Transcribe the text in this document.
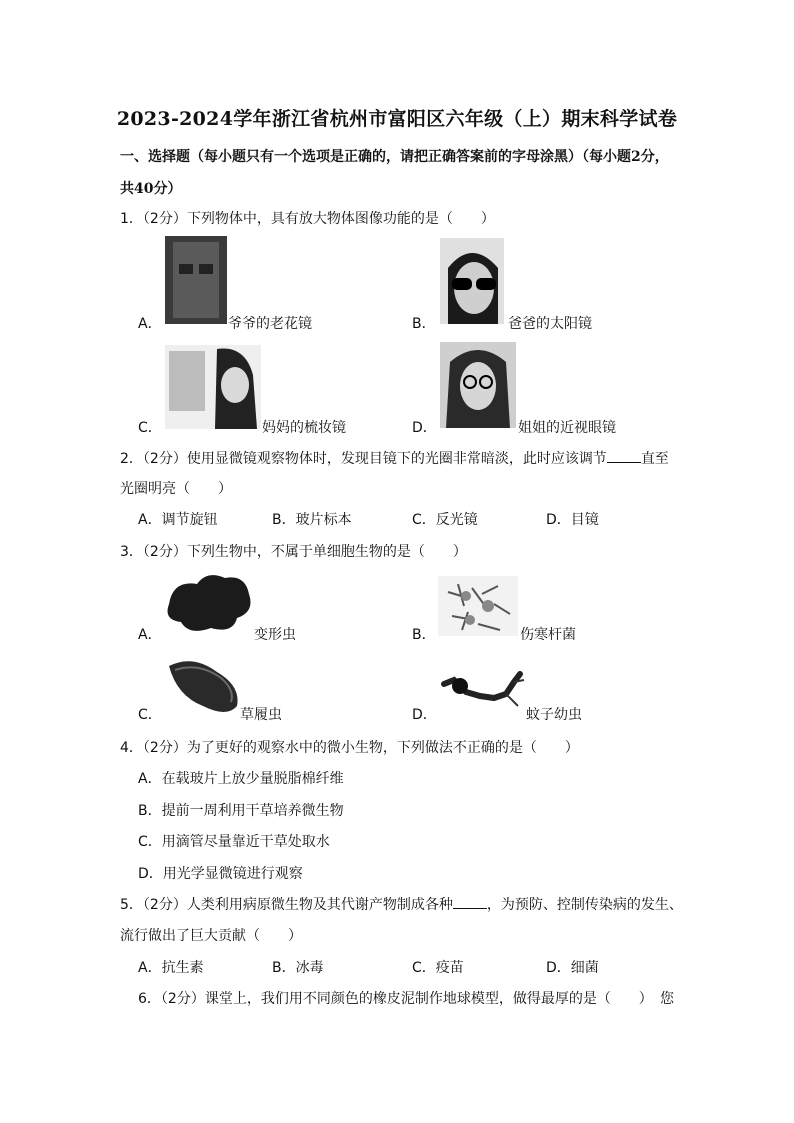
2023-2024学年浙江省杭州市富阳区六年级（上）期末科学试卷
一、选择题（每小题只有一个选项是正确的，请把正确答案前的字母涂黑）（每小题2分，
共40分）
1．（2分）下列物体中，具有放大物体图像功能的是（　　）
A．	爷爷的老花镜	B．	爸爸的太阳镜
C．	妈妈的梳妆镜	D．	姐姐的近视眼镜
2．（2分）使用显微镜观察物体时，发现目镜下的光圈非常暗淡，此时应该调节 直至
光圈明亮（　　）
A．调节旋钮	B．玻片标本	C．反光镜	D．目镜
3．（2分）下列生物中，不属于单细胞生物的是（　　）
A．	变形虫	B．	伤寒杆菌
C．	草履虫	D．	蚊子幼虫
4．（2分）为了更好的观察水中的微小生物，下列做法不正确的是（　　）
A．在载玻片上放少量脱脂棉纤维
B．提前一周利用干草培养微生物
C．用滴管尽量靠近干草处取水
D．用光学显微镜进行观察
5．（2分）人类利用病原微生物及其代谢产物制成各种 ，为预防、控制传染病的发生、
流行做出了巨大贡献（　　）
A．抗生素	B．冰毒	C．疫苗	D．细菌
6．（2分）课堂上，我们用不同颜色的橡皮泥制作地球模型，做得最厚的是（　　） 您
